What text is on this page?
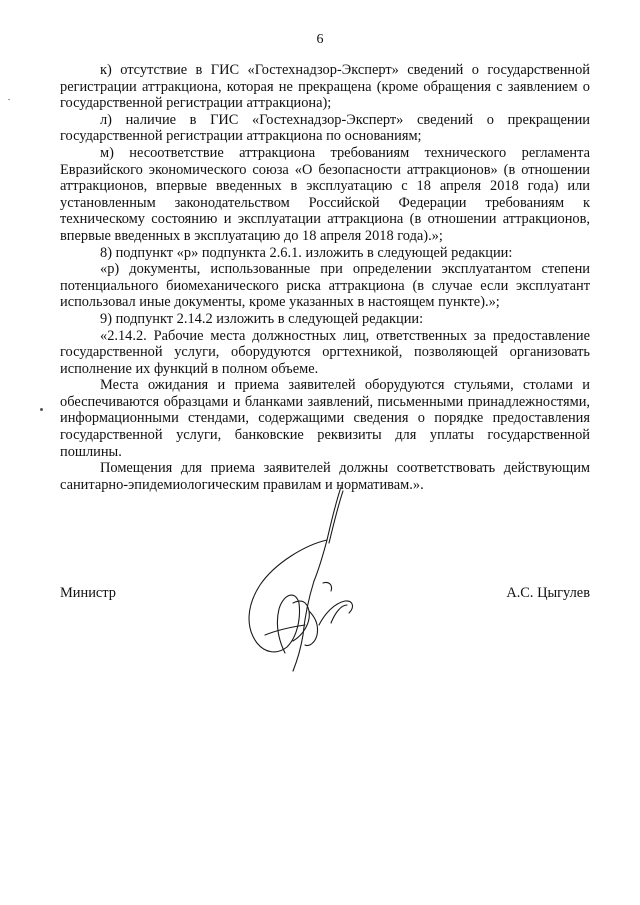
6

к) отсутствие в ГИС «Гостехнадзор-Эксперт» сведений о государственной регистрации аттракциона, которая не прекращена (кроме обращения с заявлением о государственной регистрации аттракциона);

л) наличие в ГИС «Гостехнадзор-Эксперт» сведений о прекращении государственной регистрации аттракциона по основаниям;

м) несоответствие аттракциона требованиям технического регламента Евразийского экономического союза «О безопасности аттракционов» (в отношении аттракционов, впервые введенных в эксплуатацию с 18 апреля 2018 года) или установленным законодательством Российской Федерации требованиям к техническому состоянию и эксплуатации аттракциона (в отношении аттракционов, впервые введенных в эксплуатацию до 18 апреля 2018 года).»;

8) подпункт «р» подпункта 2.6.1. изложить в следующей редакции:

«р) документы, использованные при определении эксплуатантом степени потенциального биомеханического риска аттракциона (в случае если эксплуатант использовал иные документы, кроме указанных в настоящем пункте).»;

9) подпункт 2.14.2 изложить в следующей редакции:

«2.14.2. Рабочие места должностных лиц, ответственных за предоставление государственной услуги, оборудуются оргтехникой, позволяющей организовать исполнение их функций в полном объеме.

Места ожидания и приема заявителей оборудуются стульями, столами и обеспечиваются образцами и бланками заявлений, письменными принадлежностями, информационными стендами, содержащими сведения о порядке предоставления государственной услуги, банковские реквизиты для уплаты государственной пошлины.

Помещения для приема заявителей должны соответствовать действующим санитарно-эпидемиологическим правилам и нормативам.».

Министр	А.С. Цыгулев
